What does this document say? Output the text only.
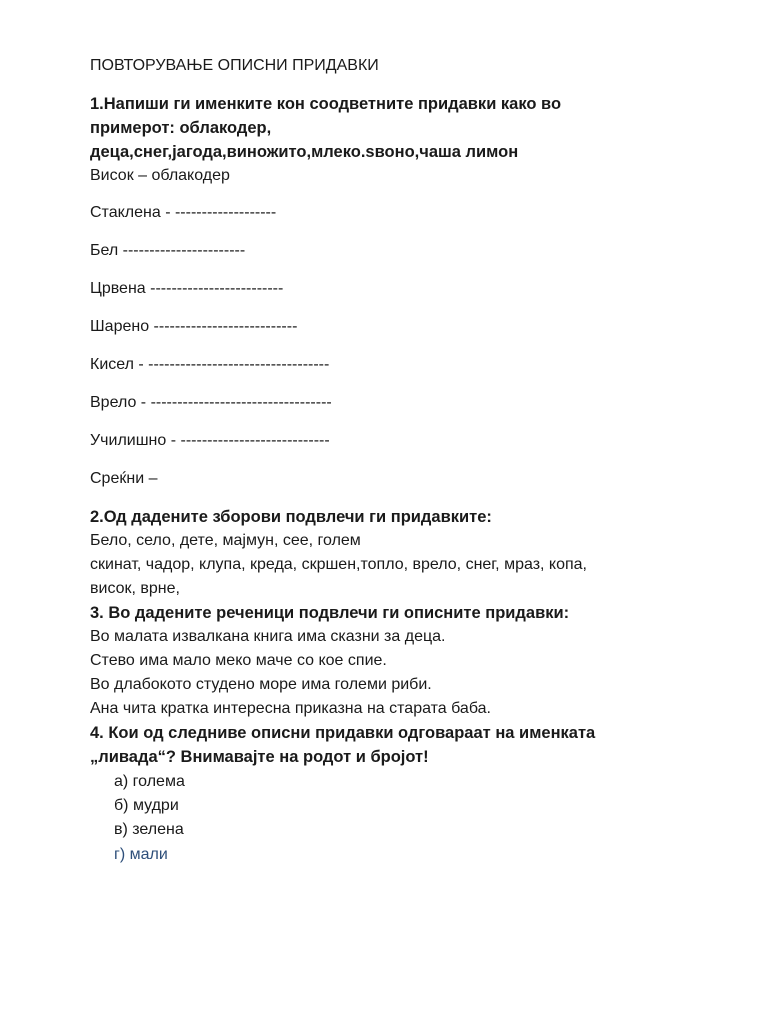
ПОВТОРУВАЊЕ ОПИСНИ ПРИДАВКИ
1.Напиши ги именките кон соодветните придавки како во
примерот: облакодер,
деца,снег,јагода,виножито,млеко.sвоно,чаша лимон
Висок – облакодер
Стаклена - -------------------
Бел -----------------------
Црвена -------------------------
Шарено ---------------------------
Кисел - ----------------------------------
Врело - ----------------------------------
Училишно - ----------------------------
Среќни –
2.Од дадените зборови подвлечи ги придавките:
Бело, село, дете, мајмун, сее, голем
скинат, чадор, клупа, креда, скршен,топло, врело, снег, мраз, копа,
висок, врне,
3. Во дадените реченици подвлечи ги описните придавки:
Во малата извалкана книга има сказни за деца.
Стево има мало меко маче со кое спие.
Во длабокото студено море има големи риби.
Ана чита кратка интересна приказна на старата баба.
4. Кои од следниве описни придавки одговараат на именката
„ливада“? Внимавајте на родот и бројот!
а) голема
б) мудри
в) зелена
г) мали
